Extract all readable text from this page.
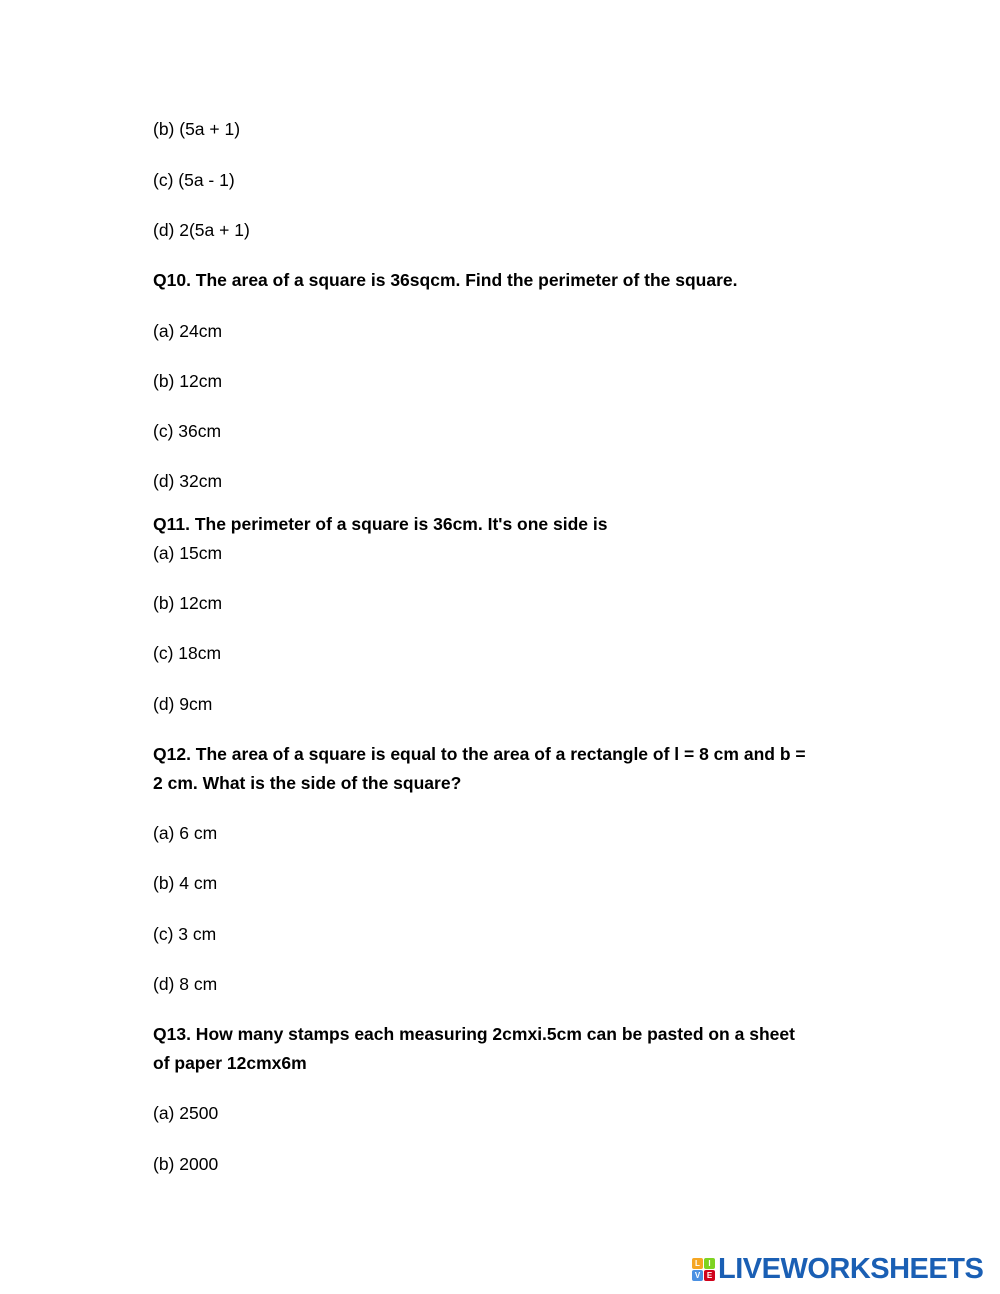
(b) (5a + 1)

(c) (5a - 1)

(d) 2(5a + 1)

Q10. The area of a square is 36sqcm. Find the perimeter of the square.

(a) 24cm

(b) 12cm

(c) 36cm

(d) 32cm

Q11. The perimeter of a square is 36cm. It's one side is

(a) 15cm

(b) 12cm

(c) 18cm

(d) 9cm

Q12. The area of a square is equal to the area of a rectangle of l = 8 cm and b =

2 cm. What is the side of the square?

(a) 6 cm

(b) 4 cm

(c) 3 cm

(d) 8 cm

Q13. How many stamps each measuring 2cmxi.5cm can be pasted on a sheet

of paper 12cmx6m

(a) 2500

(b) 2000

L	I
V E LIVEWORKSHEETS
